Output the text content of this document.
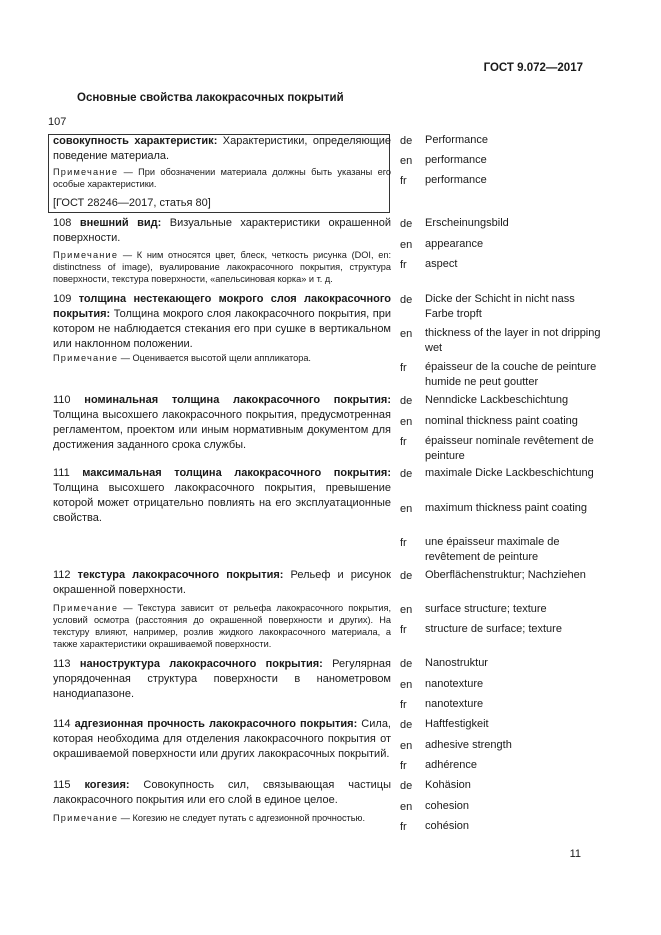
ГОСТ 9.072—2017
Основные свойства лакокрасочных покрытий
107
совокупность характеристик: Характеристики, определяющие поведение материала.
Примечание — При обозначении материала должны быть указаны его особые характеристики.
[ГОСТ 28246—2017, статья 80]
de Performance
en performance
fr performance
108 внешний вид: Визуальные характеристики окрашенной поверхности.
Примечание — К ним относятся цвет, блеск, четкость рисунка (DOI, en: distinctness of image), вуалирование лакокрасочного покрытия, структура поверхности, текстура поверхности, «апельсиновая корка» и т. д.
de Erscheinungsbild
en appearance
fr aspect
109 толщина нестекающего мокрого слоя лакокрасочного покрытия: Толщина мокрого слоя лакокрасочного покрытия, при котором не наблюдается стекания его при сушке в вертикальном или наклонном положении.
Примечание — Оценивается высотой щели аппликатора.
de Dicke der Schicht in nicht nass Farbe tropft
en thickness of the layer in not dripping wet
fr épaisseur de la couche de peinture humide ne peut goutter
110 номинальная толщина лакокрасочного покрытия: Толщина высохшего лакокрасочного покрытия, предусмотренная регламентом, проектом или иным нормативным документом для достижения заданного срока службы.
de Nenndicke Lackbeschichtung
en nominal thickness paint coating
fr épaisseur nominale revêtement de peinture
111 максимальная толщина лакокрасочного покрытия: Толщина высохшего лакокрасочного покрытия, превышение которой может отрицательно повлиять на его эксплуатационные свойства.
de maximale Dicke Lackbeschichtung
en maximum thickness paint coating
fr une épaisseur maximale de revêtement de peinture
112 текстура лакокрасочного покрытия: Рельеф и рисунок окрашенной поверхности.
Примечание — Текстура зависит от рельефа лакокрасочного покрытия, условий осмотра (расстояния до окрашенной поверхности и других). На текстуру влияют, например, розлив жидкого лакокрасочного материала, а также характеристики окрашиваемой поверхности.
de Oberflächenstruktur; Nachziehen
en surface structure; texture
fr structure de surface; texture
113 наноструктура лакокрасочного покрытия: Регулярная упорядоченная структура поверхности в нанометровом нанодиапазоне.
de Nanostruktur
en nanotexture
fr nanotexture
114 адгезионная прочность лакокрасочного покрытия: Сила, которая необходима для отделения лакокрасочного покрытия от окрашиваемой поверхности или других лакокрасочных покрытий.
de Haftfestigkeit
en adhesive strength
fr adhérence
115 когезия: Совокупность сил, связывающая частицы лакокрасочного покрытия или его слой в единое целое.
Примечание — Когезию не следует путать с адгезионной прочностью.
de Kohäsion
en cohesion
fr cohésion
11
